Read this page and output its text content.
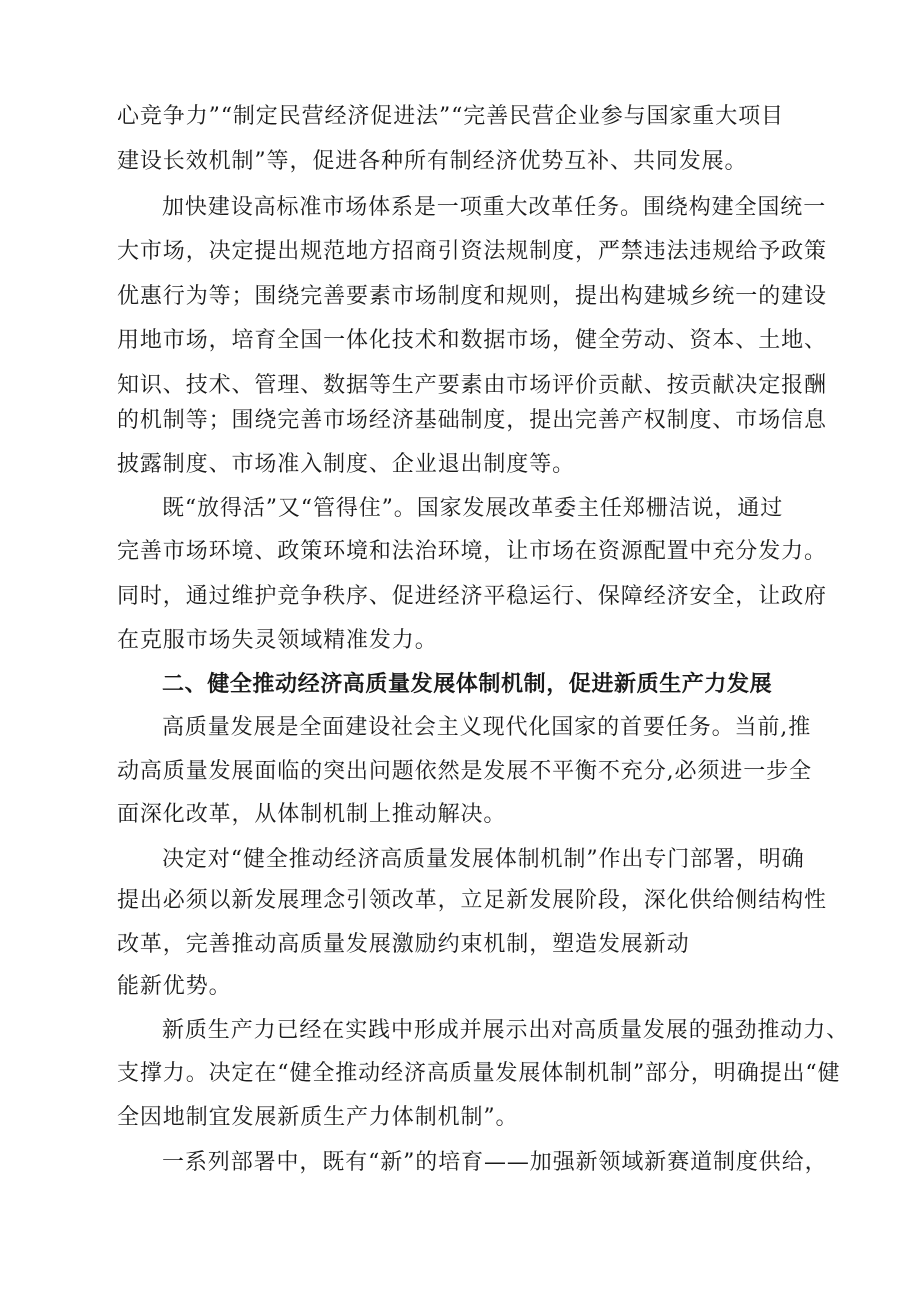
心竞争力”“制定民营经济促进法”“完善民营企业参与国家重大项目
建设长效机制”等，促进各种所有制经济优势互补、共同发展。
加快建设高标准市场体系是一项重大改革任务。围绕构建全国统一
大市场，决定提出规范地方招商引资法规制度，严禁违法违规给予政策
优惠行为等；围绕完善要素市场制度和规则，提出构建城乡统一的建设
用地市场，培育全国一体化技术和数据市场，健全劳动、资本、土地、
知识、技术、管理、数据等生产要素由市场评价贡献、按贡献决定报酬
的机制等；围绕完善市场经济基础制度，提出完善产权制度、市场信息
披露制度、市场准入制度、企业退出制度等。
既“放得活”又“管得住”。国家发展改革委主任郑栅洁说，通过
完善市场环境、政策环境和法治环境，让市场在资源配置中充分发力。
同时，通过维护竞争秩序、促进经济平稳运行、保障经济安全，让政府
在克服市场失灵领域精准发力。
二、健全推动经济高质量发展体制机制，促进新质生产力发展
高质量发展是全面建设社会主义现代化国家的首要任务。当前,推
动高质量发展面临的突出问题依然是发展不平衡不充分,必须进一步全
面深化改革，从体制机制上推动解决。
决定对“健全推动经济高质量发展体制机制”作出专门部署，明确
提出必须以新发展理念引领改革，立足新发展阶段，深化供给侧结构性
改革，完善推动高质量发展激励约束机制，塑造发展新动
能新优势。
新质生产力已经在实践中形成并展示出对高质量发展的强劲推动力、
支撑力。决定在“健全推动经济高质量发展体制机制”部分，明确提出“健
全因地制宜发展新质生产力体制机制”。
一系列部署中，既有“新”的培育——加强新领域新赛道制度供给，
